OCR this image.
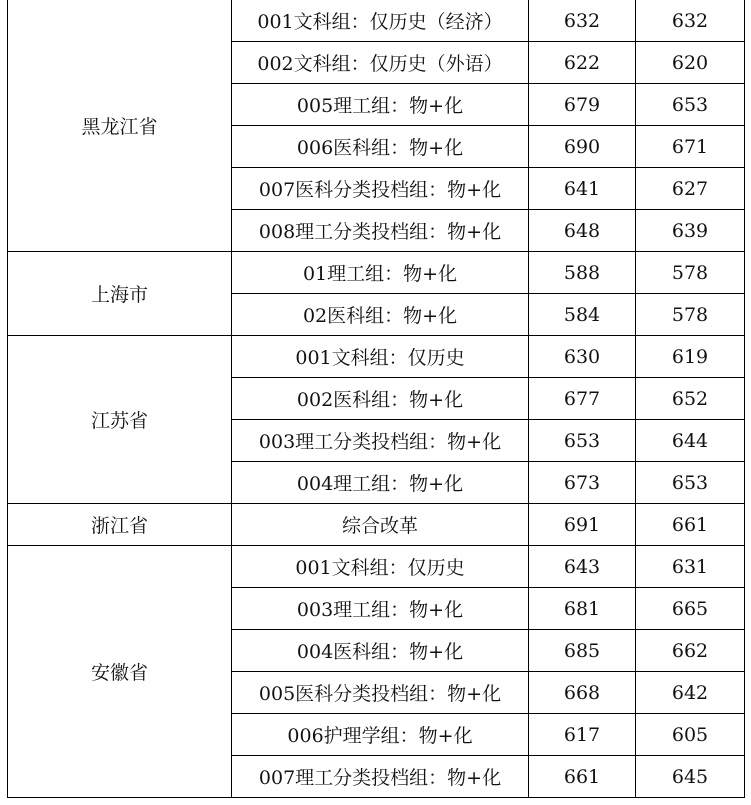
黑龙江省	001文科组：仅历史（经济）	632	632
	002文科组：仅历史（外语）	622	620
	005理工组：物+化	679	653
	006医科组：物+化	690	671
	007医科分类投档组：物+化	641	627
	008理工分类投档组：物+化	648	639
上海市	01理工组：物+化	588	578
	02医科组：物+化	584	578
江苏省	001文科组：仅历史	630	619
	002医科组：物+化	677	652
	003理工分类投档组：物+化	653	644
	004理工组：物+化	673	653
浙江省	综合改革	691	661
安徽省	001文科组：仅历史	643	631
	003理工组：物+化	681	665
	004医科组：物+化	685	662
	005医科分类投档组：物+化	668	642
	006护理学组：物+化	617	605
	007理工分类投档组：物+化	661	645
